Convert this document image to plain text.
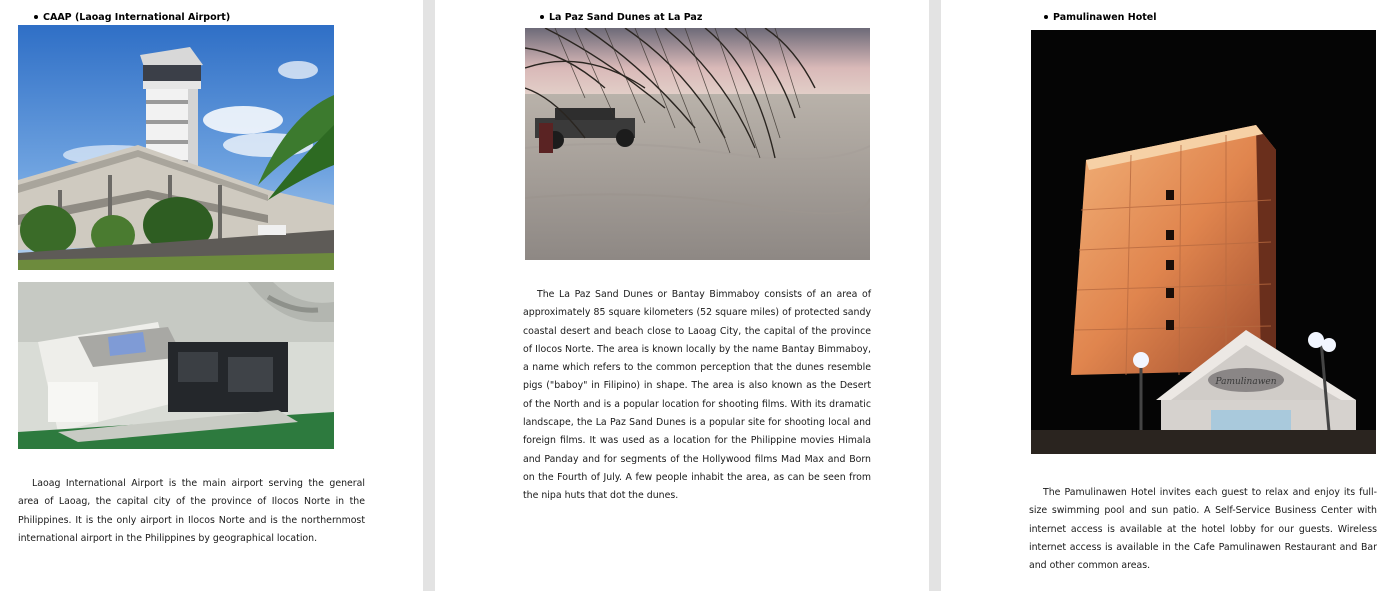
CAAP (Laoag International Airport)
Laoag International Airport is the main airport serving the general area of Laoag, the capital city of the province of Ilocos Norte in the Philippines. It is the only airport in Ilocos Norte and is the northernmost international airport in the Philippines by geographical location.
La Paz Sand Dunes at La Paz
The La Paz Sand Dunes or Bantay Bimmaboy consists of an area of approximately 85 square kilometers (52 square miles) of protected sandy coastal desert and beach close to Laoag City, the capital of the province of Ilocos Norte. The area is known locally by the name Bantay Bimmaboy, a name which refers to the common perception that the dunes resemble pigs ("baboy" in Filipino) in shape. The area is also known as the Desert of the North and is a popular location for shooting films. With its dramatic landscape, the La Paz Sand Dunes is a popular site for shooting local and foreign films. It was used as a location for the Philippine movies Himala and Panday and for segments of the Hollywood films Mad Max and Born on the Fourth of July. A few people inhabit the area, as can be seen from the nipa huts that dot the dunes.
Pamulinawen Hotel
Pamulinawen
The Pamulinawen Hotel invites each guest to relax and enjoy its full-size swimming pool and sun patio. A Self-Service Business Center with internet access is available at the hotel lobby for our guests. Wireless internet access is available in the Cafe Pamulinawen Restaurant and Bar and other common areas.
